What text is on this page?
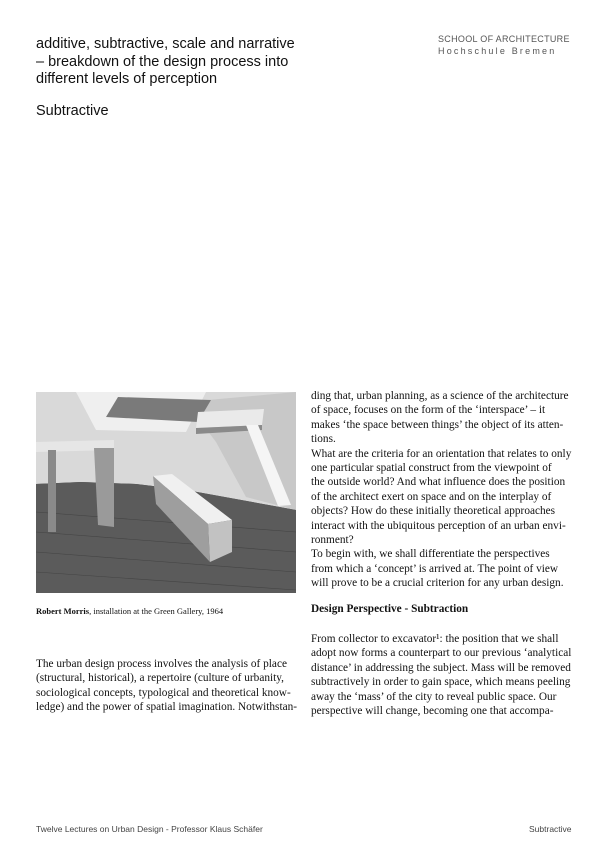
additive, subtractive, scale and narrative
– breakdown of the design process into
different levels of perception
Subtractive
SCHOOL OF ARCHITECTURE
Hochschule Bremen
Robert Morris, installation at the Green Gallery, 1964
The urban design process involves the analysis of place
(structural, historical), a repertoire (culture of urbanity,
sociological concepts, typological and theoretical know-
ledge) and the power of spatial imagination. Notwithstan-
ding that, urban planning, as a science of the architecture
of space, focuses on the form of the ‘interspace’ – it
makes ‘the space between things’ the object of its atten-
tions.
What are the criteria for an orientation that relates to only
one particular spatial construct from the viewpoint of
the outside world? And what influence does the position
of the architect exert on space and on the interplay of
objects? How do these initially theoretical approaches
interact with the ubiquitous perception of an urban envi-
ronment?
To begin with, we shall differentiate the perspectives
from which a ‘concept’ is arrived at. The point of view
will prove to be a crucial criterion for any urban design.
Design Perspective - Subtraction
From collector to excavator¹: the position that we shall
adopt now forms a counterpart to our previous ‘analytical
distance’ in addressing the subject. Mass will be removed
subtractively in order to gain space, which means peeling
away the ‘mass’ of the city to reveal public space. Our
perspective will change, becoming one that accompa-
Twelve Lectures on Urban Design - Professor Klaus Schäfer	Subtractive
